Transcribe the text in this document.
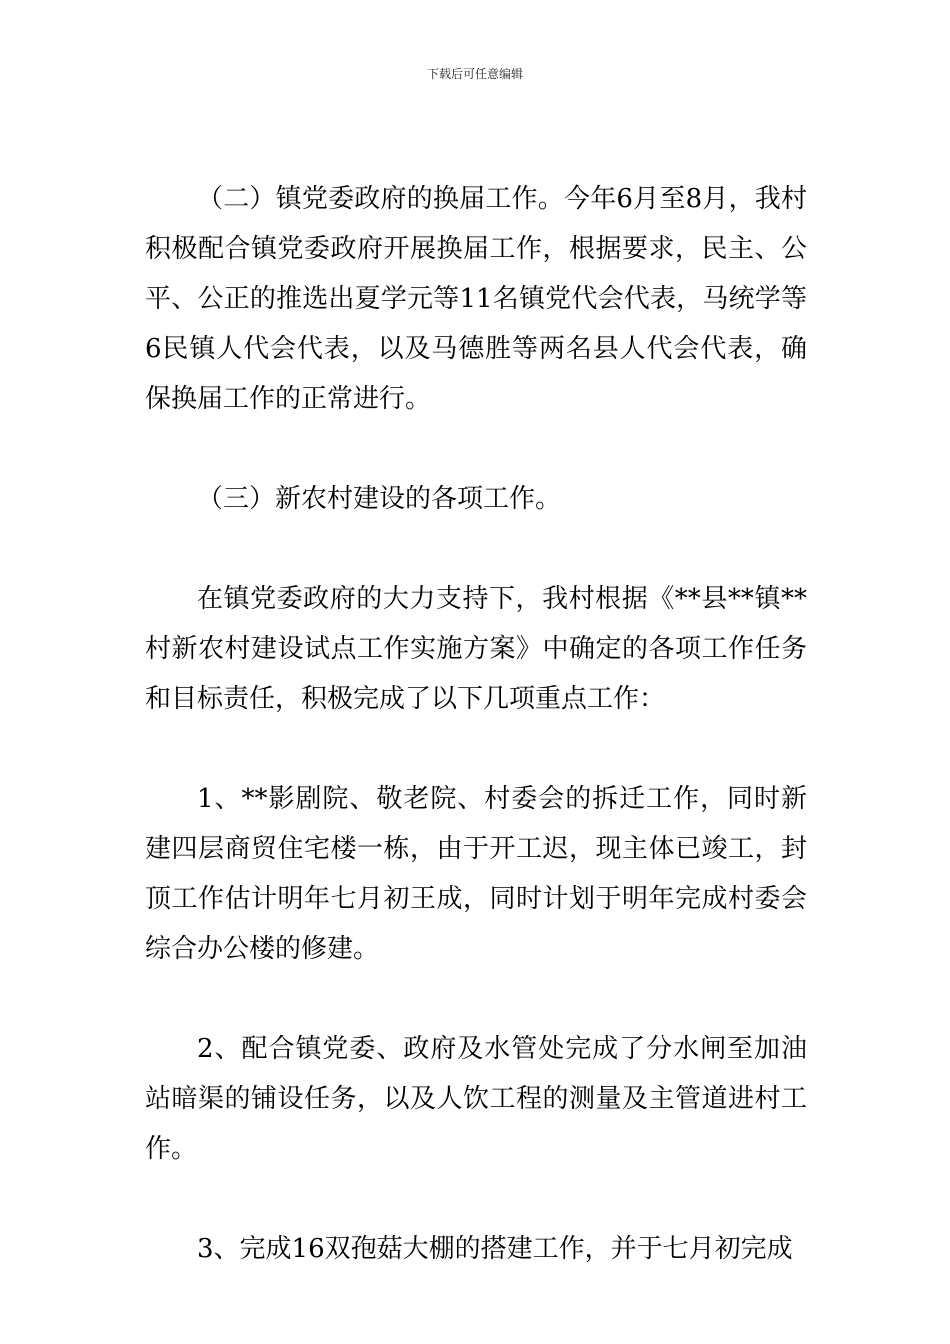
下载后可任意编辑

（二）镇党委政府的换届工作。今年6月至8月，我村积极配合镇党委政府开展换届工作，根据要求，民主、公平、公正的推选出夏学元等11名镇党代会代表，马统学等6民镇人代会代表，以及马德胜等两名县人代会代表，确保换届工作的正常进行。

（三）新农村建设的各项工作。

在镇党委政府的大力支持下，我村根据《**县**镇**村新农村建设试点工作实施方案》中确定的各项工作任务和目标责任，积极完成了以下几项重点工作：

1、**影剧院、敬老院、村委会的拆迁工作，同时新建四层商贸住宅楼一栋，由于开工迟，现主体已竣工，封顶工作估计明年七月初王成，同时计划于明年完成村委会综合办公楼的修建。

2、配合镇党委、政府及水管处完成了分水闸至加油站暗渠的铺设任务，以及人饮工程的测量及主管道进村工作。

3、完成16双孢菇大棚的搭建工作，并于七月初完成
